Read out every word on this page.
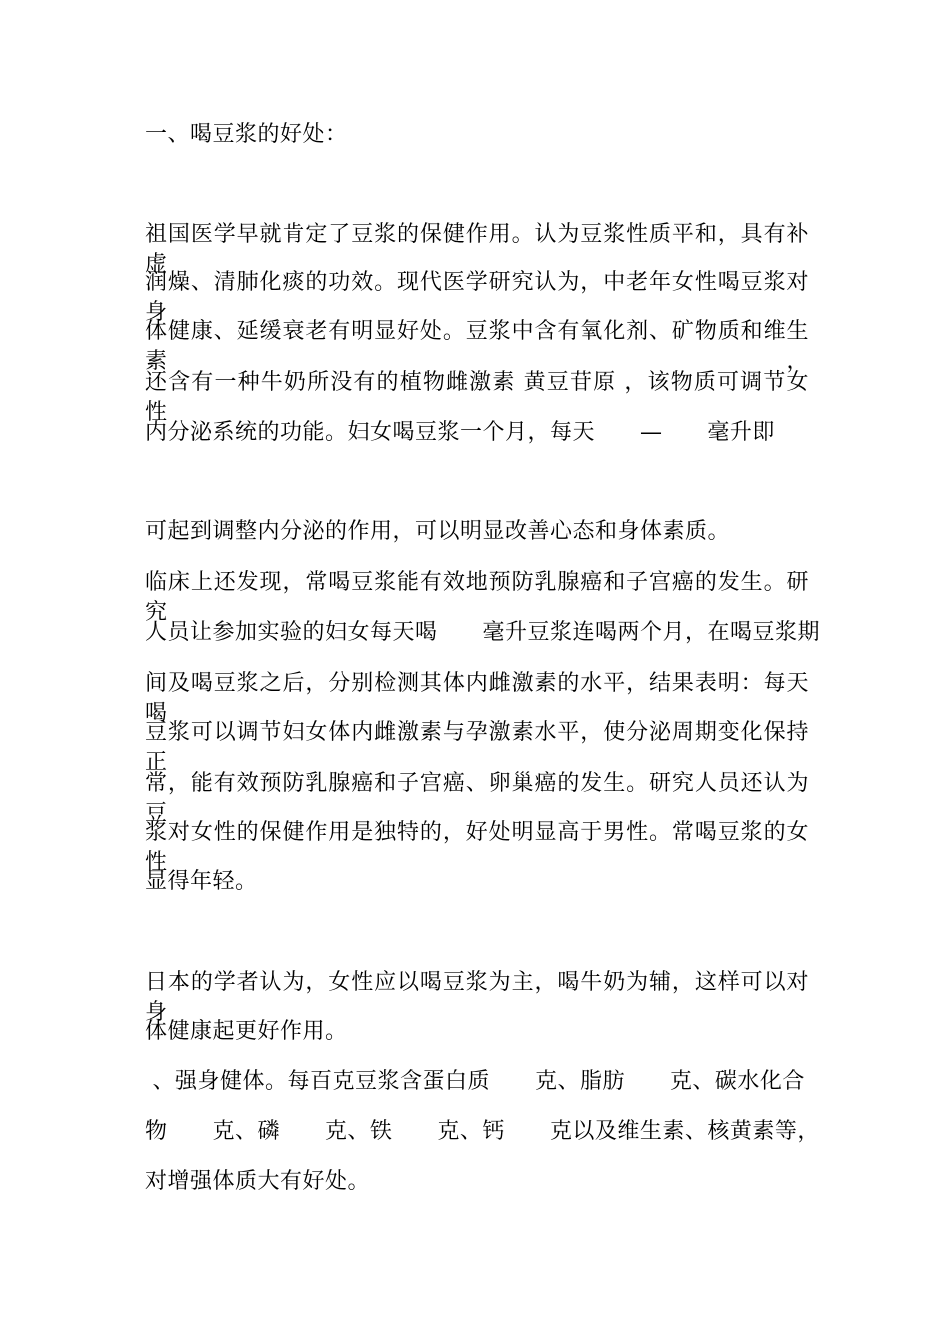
一、喝豆浆的好处：
祖国医学早就肯定了豆浆的保健作用。认为豆浆性质平和，具有补虚
润燥、清肺化痰的功效。现代医学研究认为，中老年女性喝豆浆对身
体健康、延缓衰老有明显好处。豆浆中含有氧化剂、矿物质和维生素，
还含有一种牛奶所没有的植物雌激素 黄豆苷原 ，该物质可调节女性
内分泌系统的功能。妇女喝豆浆一个月，每天      —      毫升即
可起到调整内分泌的作用，可以明显改善心态和身体素质。
临床上还发现，常喝豆浆能有效地预防乳腺癌和子宫癌的发生。研究
人员让参加实验的妇女每天喝      毫升豆浆连喝两个月，在喝豆浆期
间及喝豆浆之后，分别检测其体内雌激素的水平，结果表明：每天喝
豆浆可以调节妇女体内雌激素与孕激素水平，使分泌周期变化保持正
常，能有效预防乳腺癌和子宫癌、卵巢癌的发生。研究人员还认为豆
浆对女性的保健作用是独特的，好处明显高于男性。常喝豆浆的女性
显得年轻。
日本的学者认为，女性应以喝豆浆为主，喝牛奶为辅，这样可以对身
体健康起更好作用。
、强身健体。每百克豆浆含蛋白质      克、脂肪      克、碳水化合
物      克、磷      克、铁      克、钙      克以及维生素、核黄素等，
对增强体质大有好处。
